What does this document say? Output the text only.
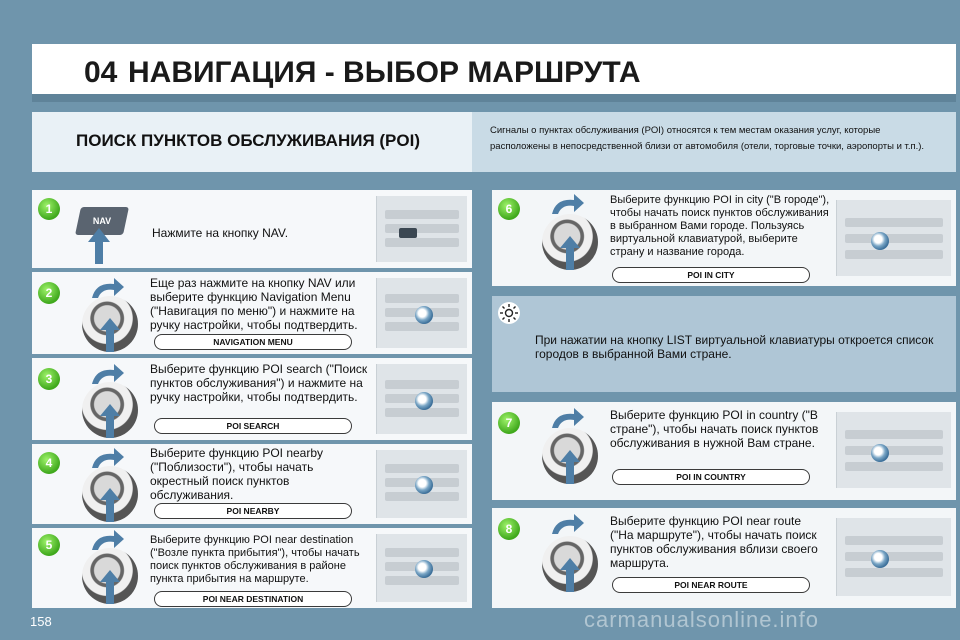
04 НАВИГАЦИЯ - ВЫБОР МАРШРУТА
ПОИСК ПУНКТОВ ОБСЛУЖИВАНИЯ (POI)
Сигналы о пунктах обслуживания (POI) относятся к тем местам оказания услуг, которые расположены в непосредственной близи от автомобиля (отели, торговые точки, аэропорты и т.п.).
1
2
3
4
5
6
7
8
NAV
Нажмите на кнопку NAV.
Еще раз нажмите на кнопку NAV или выберите функцию Navigation Menu ("Навигация по меню") и нажмите на ручку настройки, чтобы подтвердить.
Выберите функцию POI search ("Поиск пунктов обслуживания") и нажмите на ручку настройки, чтобы подтвердить.
Выберите функцию POI nearby ("Поблизости"), чтобы начать окрестный поиск пунктов обслуживания.
Выберите функцию POI near destination ("Возле пункта прибытия"), чтобы начать поиск пунктов обслуживания в районе пункта прибытия на маршруте.
Выберите функцию POI in city ("В городе"), чтобы начать поиск пунктов обслуживания в выбранном Вами городе. Пользуясь виртуальной клавиатурой, выберите страну и название города.
Выберите функцию POI in country ("В стране"), чтобы начать поиск пунктов обслуживания в нужной Вам стране.
Выберите функцию POI near route ("На маршруте"), чтобы начать поиск пунктов обслуживания вблизи своего маршрута.
NAVIGATION MENU
POI SEARCH
POI NEARBY
POI NEAR DESTINATION
POI IN CITY
POI IN COUNTRY
POI NEAR ROUTE
При нажатии на кнопку LIST виртуальной клавиатуры откроется список городов в выбранной Вами стране.
158	carmanualsonline.info
